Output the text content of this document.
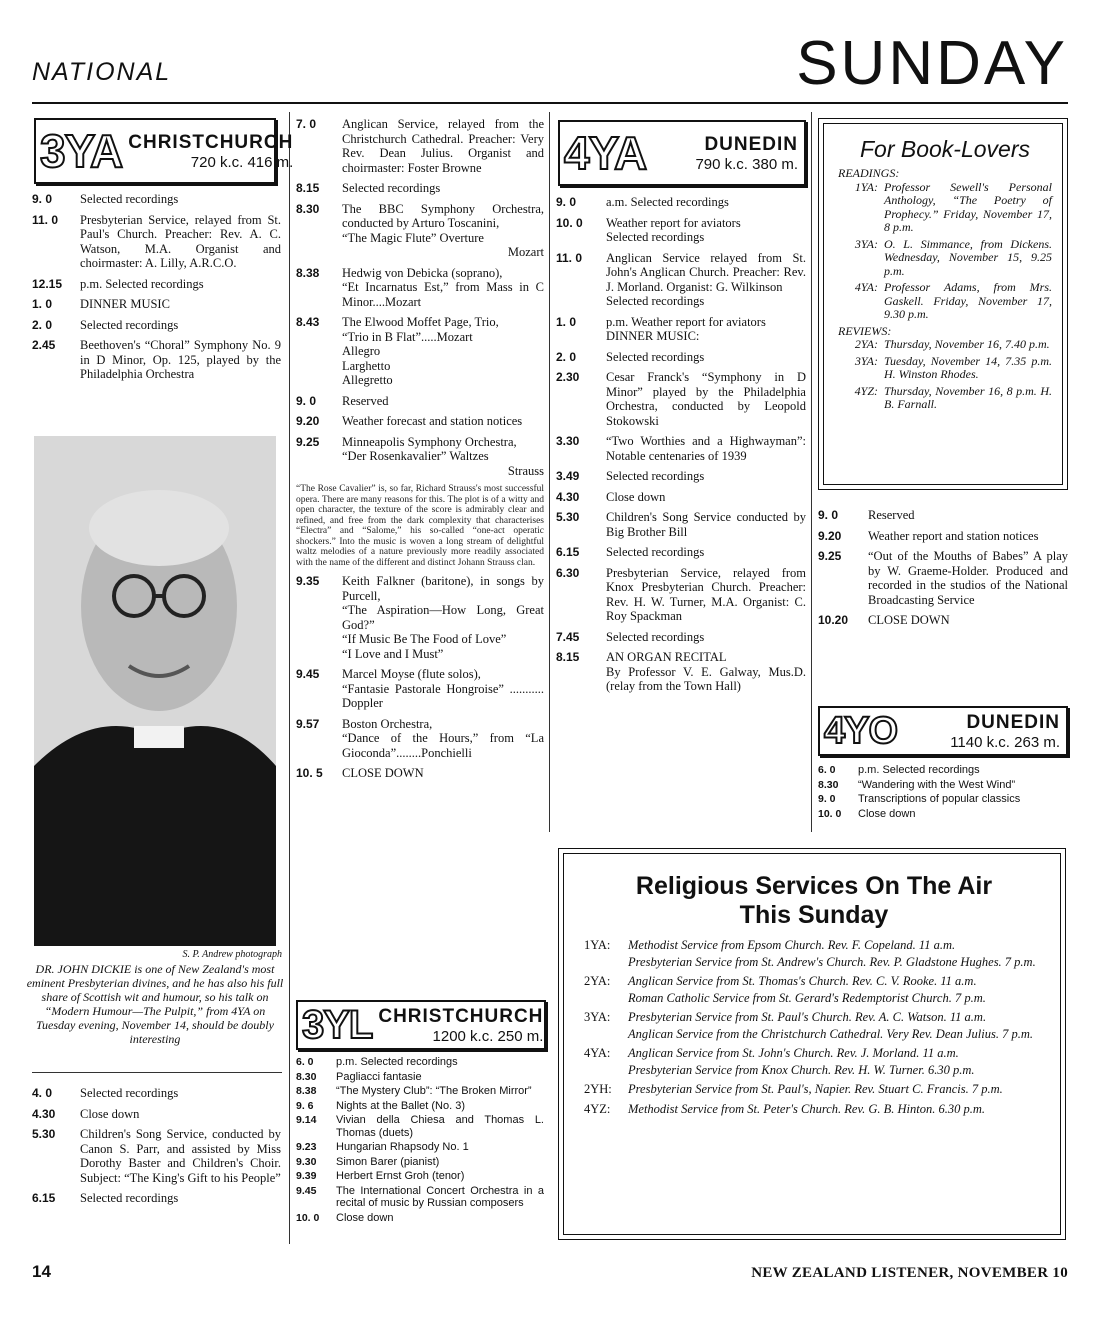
NATIONAL	SUNDAY
3YA CHRISTCHURCH
720 k.c. 416 m.
9. 0	Selected recordings
11. 0	Presbyterian Service, relayed from St. Paul's Church. Preacher: Rev. A. C. Watson, M.A. Organist and choirmaster: A. Lilly, A.R.C.O.
12.15	p.m. Selected recordings
1. 0	DINNER MUSIC
2. 0	Selected recordings
2.45	Beethoven's “Choral” Symphony No. 9 in D Minor, Op. 125, played by the Philadelphia Orchestra
S. P. Andrew photograph
DR. JOHN DICKIE is one of New Zealand's most eminent Presbyterian divines, and he has also his full share of Scottish wit and humour, so his talk on “Modern Humour—The Pulpit,” from 4YA on Tuesday evening, November 14, should be doubly interesting
4. 0	Selected recordings
4.30	Close down
5.30	Children's Song Service, conducted by Canon S. Parr, and assisted by Miss Dorothy Baster and Children's Choir. Subject: “The King's Gift to his People”
6.15	Selected recordings
7. 0	Anglican Service, relayed from the Christchurch Cathedral. Preacher: Very Rev. Dean Julius. Organist and choirmaster: Foster Browne
8.15	Selected recordings
8.30	The BBC Symphony Orchestra, conducted by Arturo Toscanini,
“The Magic Flute” Overture
Mozart
8.38	Hedwig von Debicka (soprano),
“Et Incarnatus Est,” from Mass in C Minor....Mozart
8.43	The Elwood Moffet Page, Trio,
“Trio in B Flat”.....Mozart
Allegro
Larghetto
Allegretto
9. 0	Reserved
9.20	Weather forecast and station notices
9.25	Minneapolis Symphony Orchestra,
“Der Rosenkavalier” Waltzes
Strauss
“The Rose Cavalier” is, so far, Richard Strauss's most successful opera. There are many reasons for this. The plot is of a witty and open character, the texture of the score is admirably clear and refined, and free from the dark complexity that characterises “Electra” and “Salome,” his so-called “one-act operatic shockers.” Into the music is woven a long stream of delightful waltz melodies of a nature previously more readily associated with the name of the different and distinct Johann Strauss clan.
9.35	Keith Falkner (baritone), in songs by Purcell,
“The Aspiration—How Long, Great God?”
“If Music Be The Food of Love”
“I Love and I Must”
9.45	Marcel Moyse (flute solos),
“Fantasie Pastorale Hongroise” ........... Doppler
9.57	Boston Orchestra,
“Dance of the Hours,” from “La Gioconda”........Ponchielli
10. 5	CLOSE DOWN
3YL CHRISTCHURCH
1200 k.c. 250 m.
6. 0	p.m. Selected recordings
8.30	Pagliacci fantasie
8.38	“The Mystery Club”: “The Broken Mirror”
9. 6	Nights at the Ballet (No. 3)
9.14	Vivian della Chiesa and Thomas L. Thomas (duets)
9.23	Hungarian Rhapsody No. 1
9.30	Simon Barer (pianist)
9.39	Herbert Ernst Groh (tenor)
9.45	The International Concert Orchestra in a recital of music by Russian composers
10. 0	Close down
4YA	DUNEDIN
790 k.c. 380 m.
9. 0	a.m. Selected recordings
10. 0	Weather report for aviators
Selected recordings
11. 0	Anglican Service relayed from St. John's Anglican Church. Preacher: Rev. J. Morland. Organist: G. Wilkinson
Selected recordings
1. 0	p.m. Weather report for aviators
DINNER MUSIC:
2. 0	Selected recordings
2.30	Cesar Franck's “Symphony in D Minor” played by the Philadelphia Orchestra, conducted by Leopold Stokowski
3.30	“Two Worthies and a Highwayman”: Notable centenaries of 1939
3.49	Selected recordings
4.30	Close down
5.30	Children's Song Service conducted by Big Brother Bill
6.15	Selected recordings
6.30	Presbyterian Service, relayed from Knox Presbyterian Church. Preacher: Rev. H. W. Turner, M.A. Organist: C. Roy Spackman
7.45	Selected recordings
8.15	AN ORGAN RECITAL
By Professor V. E. Galway, Mus.D. (relay from the Town Hall)
For Book-Lovers
READINGS:
1YA: Professor Sewell's Personal Anthology, “The Poetry of Prophecy.” Friday, November 17, 8 p.m.
3YA: O. L. Simmance, from Dickens. Wednesday, November 15, 9.25 p.m.
4YA: Professor Adams, from Mrs. Gaskell. Friday, November 17, 9.30 p.m.
REVIEWS:
2YA: Thursday, November 16, 7.40 p.m.
3YA: Tuesday, November 14, 7.35 p.m. H. Winston Rhodes.
4YZ: Thursday, November 16, 8 p.m. H. B. Farnall.
9. 0	Reserved
9.20	Weather report and station notices
9.25	“Out of the Mouths of Babes” A play by W. Graeme-Holder. Produced and recorded in the studios of the National Broadcasting Service
10.20	CLOSE DOWN
4YO	DUNEDIN
1140 k.c. 263 m.
6. 0	p.m. Selected recordings
8.30	“Wandering with the West Wind”
9. 0	Transcriptions of popular classics
10. 0	Close down
Religious Services On The Air
This Sunday
1YA:	Methodist Service from Epsom Church. Rev. F. Copeland. 11 a.m.
Presbyterian Service from St. Andrew's Church. Rev. P. Gladstone Hughes. 7 p.m.
2YA:	Anglican Service from St. Thomas's Church. Rev. C. V. Rooke. 11 a.m.
Roman Catholic Service from St. Gerard's Redemptorist Church. 7 p.m.
3YA:	Presbyterian Service from St. Paul's Church. Rev. A. C. Watson. 11 a.m.
Anglican Service from the Christchurch Cathedral. Very Rev. Dean Julius. 7 p.m.
4YA:	Anglican Service from St. John's Church. Rev. J. Morland. 11 a.m.
Presbyterian Service from Knox Church. Rev. H. W. Turner. 6.30 p.m.
2YH:	Presbyterian Service from St. Paul's, Napier. Rev. Stuart C. Francis. 7 p.m.
4YZ:	Methodist Service from St. Peter's Church. Rev. G. B. Hinton. 6.30 p.m.
14	NEW ZEALAND LISTENER, NOVEMBER 10
